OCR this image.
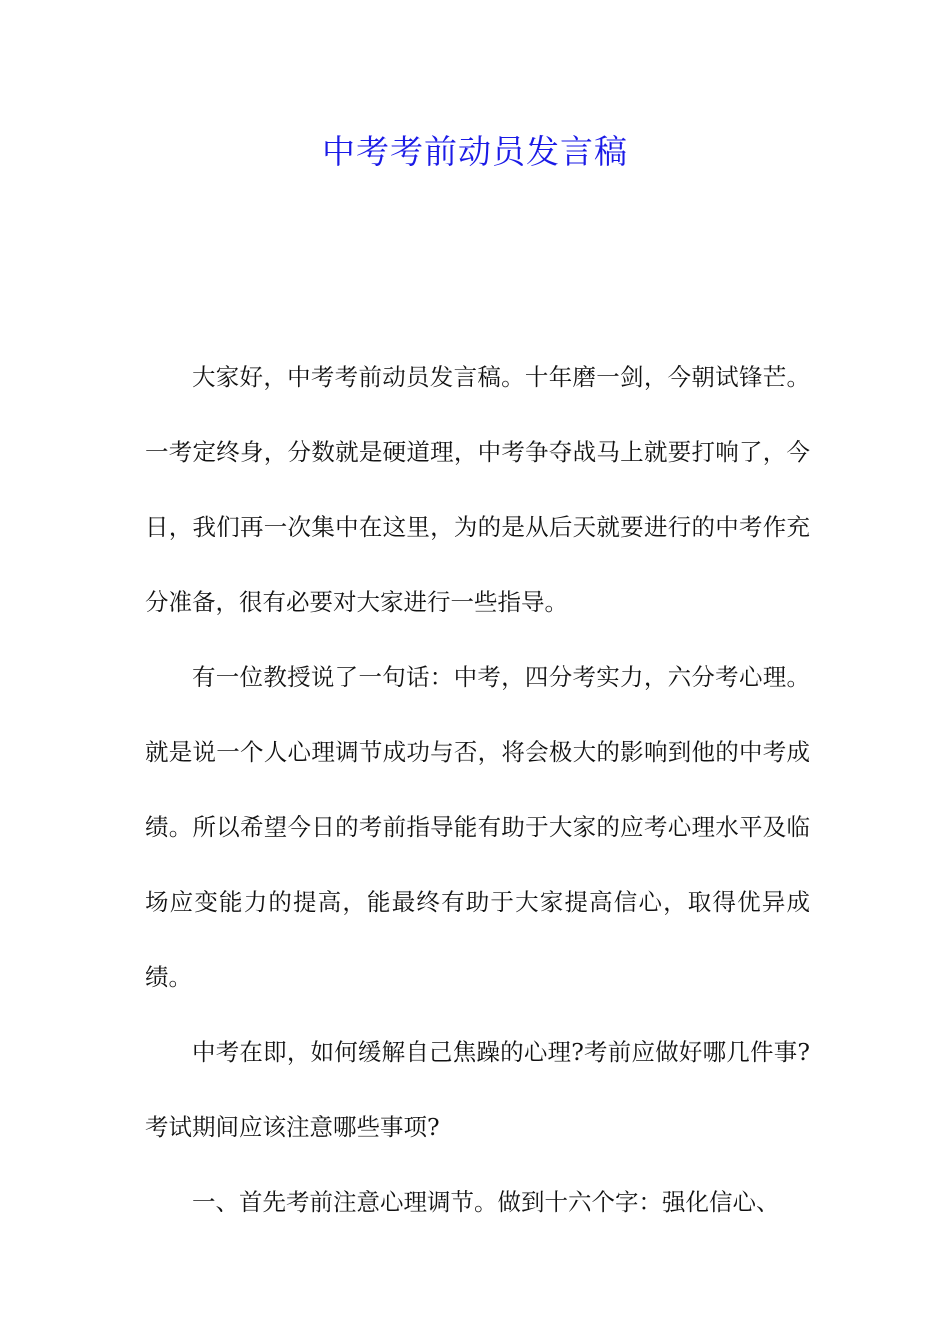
中考考前动员发言稿

大家好，中考考前动员发言稿。十年磨一剑，今朝试锋芒。一考定终身，分数就是硬道理，中考争夺战马上就要打响了，今日，我们再一次集中在这里，为的是从后天就要进行的中考作充分准备，很有必要对大家进行一些指导。

有一位教授说了一句话：中考，四分考实力，六分考心理。就是说一个人心理调节成功与否，将会极大的影响到他的中考成绩。所以希望今日的考前指导能有助于大家的应考心理水平及临场应变能力的提高，能最终有助于大家提高信心，取得优异成绩。

中考在即，如何缓解自己焦躁的心理?考前应做好哪几件事?考试期间应该注意哪些事项?

一、首先考前注意心理调节。做到十六个字：强化信心、
